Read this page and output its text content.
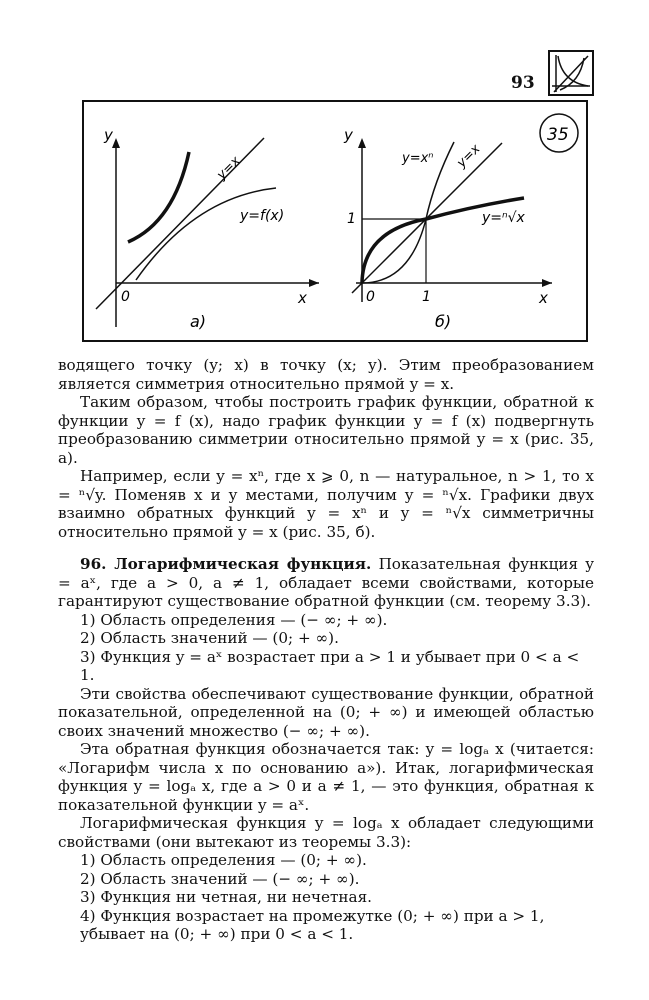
93
y
x
0
y=x
y=f(x)
а)
y
x
0
1
1
y=xⁿ y=x
y=ⁿ√x
б)
35

водящего точку (y; x) в точку (x; y). Этим преобразованием является симметрия относительно прямой y = x.

Таким образом, чтобы построить график функции, обратной к функции y = f (x), надо график функции y = f (x) подвергнуть преобразованию симметрии относительно прямой y = x (рис. 35, а).

Например, если y = xⁿ, где x ⩾ 0, n — натуральное, n > 1, то x = ⁿ√y. Поменяв x и y местами, получим y = ⁿ√x. Графики двух взаимно обратных функций y = xⁿ и y = ⁿ√x симметричны относительно прямой y = x (рис. 35, б).

96. Логарифмическая функция. Показательная функция y = aˣ, где a > 0, a ≠ 1, обладает всеми свойствами, которые гарантируют существование обратной функции (см. теорему 3.3).

1) Область определения — (− ∞; + ∞).

2) Область значений — (0; + ∞).

3) Функция y = aˣ возрастает при a > 1 и убывает при 0 < a < 1.

Эти свойства обеспечивают существование функции, обратной показательной, определенной на (0; + ∞) и имеющей областью своих значений множество (− ∞; + ∞).

Эта обратная функция обозначается так: y = logₐ x (читается: «Логарифм числа x по основанию a»). Итак, логарифмическая функция y = logₐ x, где a > 0 и a ≠ 1, — это функция, обратная к показательной функции y = aˣ.

Логарифмическая функция y = logₐ x обладает следующими свойствами (они вытекают из теоремы 3.3):

1) Область определения — (0; + ∞).

2) Область значений — (− ∞; + ∞).

3) Функция ни четная, ни нечетная.

4) Функция возрастает на промежутке (0; + ∞) при a > 1, убывает на (0; + ∞) при 0 < a < 1.
